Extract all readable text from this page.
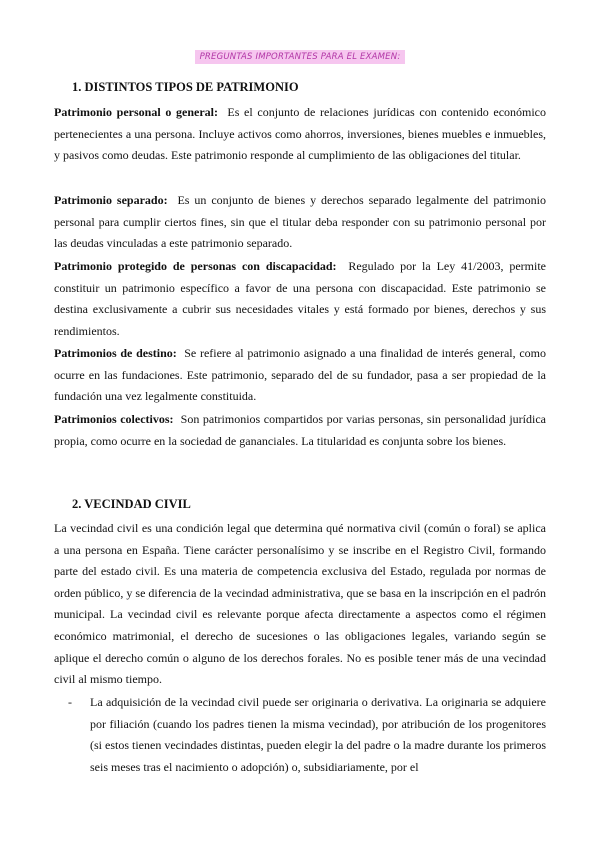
PREGUNTAS IMPORTANTES PARA EL EXAMEN:
1. DISTINTOS TIPOS DE PATRIMONIO
Patrimonio personal o general: Es el conjunto de relaciones jurídicas con contenido económico pertenecientes a una persona. Incluye activos como ahorros, inversiones, bienes muebles e inmuebles, y pasivos como deudas. Este patrimonio responde al cumplimiento de las obligaciones del titular.
Patrimonio separado: Es un conjunto de bienes y derechos separado legalmente del patrimonio personal para cumplir ciertos fines, sin que el titular deba responder con su patrimonio personal por las deudas vinculadas a este patrimonio separado.
Patrimonio protegido de personas con discapacidad: Regulado por la Ley 41/2003, permite constituir un patrimonio específico a favor de una persona con discapacidad. Este patrimonio se destina exclusivamente a cubrir sus necesidades vitales y está formado por bienes, derechos y sus rendimientos.
Patrimonios de destino: Se refiere al patrimonio asignado a una finalidad de interés general, como ocurre en las fundaciones. Este patrimonio, separado del de su fundador, pasa a ser propiedad de la fundación una vez legalmente constituida.
Patrimonios colectivos: Son patrimonios compartidos por varias personas, sin personalidad jurídica propia, como ocurre en la sociedad de gananciales. La titularidad es conjunta sobre los bienes.
2. VECINDAD CIVIL
La vecindad civil es una condición legal que determina qué normativa civil (común o foral) se aplica a una persona en España. Tiene carácter personalísimo y se inscribe en el Registro Civil, formando parte del estado civil. Es una materia de competencia exclusiva del Estado, regulada por normas de orden público, y se diferencia de la vecindad administrativa, que se basa en la inscripción en el padrón municipal. La vecindad civil es relevante porque afecta directamente a aspectos como el régimen económico matrimonial, el derecho de sucesiones o las obligaciones legales, variando según se aplique el derecho común o alguno de los derechos forales. No es posible tener más de una vecindad civil al mismo tiempo.
- La adquisición de la vecindad civil puede ser originaria o derivativa. La originaria se adquiere por filiación (cuando los padres tienen la misma vecindad), por atribución de los progenitores (si estos tienen vecindades distintas, pueden elegir la del padre o la madre durante los primeros seis meses tras el nacimiento o adopción) o, subsidiariamente, por el
